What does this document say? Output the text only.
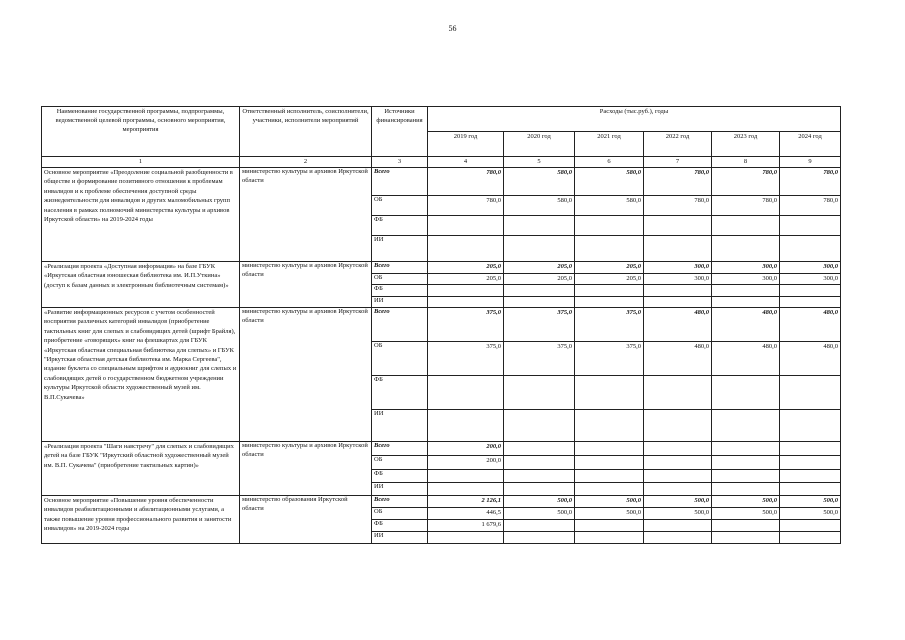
56
Наименование государственной программы, подпрограммы, ведомственной целевой программы, основного мероприятия, мероприятия	Ответственный исполнитель, соисполнители, участники, исполнители мероприятий	Источники финансирования	Расходы (тыс.руб.), годы					
			2019 год	2020 год	2021 год	2022 год	2023 год	2024 год
1	2	3	4	5	6	7	8	9
Основное мероприятие «Преодоление социальной разобщенности в обществе и формирование позитивного отношения к проблемам инвалидов и к проблеме обеспечения доступной среды жизнедеятельности для инвалидов и других маломобильных групп населения в рамках полномочий министерства культуры и архивов Иркутской области» на 2019-2024 годы	министерство культуры и архивов Иркутской области	Всего	780,0	580,0	580,0	780,0	780,0	780,0
		ОБ	780,0	580,0	580,0	780,0	780,0	780,0
		ФБ						
		ИИ						
«Реализация проекта «Доступная информация» на базе ГБУК «Иркутская областная юношеская библиотека им. И.П.Уткина» (доступ к базам данных и электронным библиотечным системам)»	министерство культуры и архивов Иркутской области	Всего	205,0	205,0	205,0	300,0	300,0	300,0
		ОБ	205,0	205,0	205,0	300,0	300,0	300,0
		ФБ						
		ИИ						
«Развитие информационных ресурсов с учетом особенностей восприятия различных категорий инвалидов (приобретение тактильных книг для слепых и слабовидящих детей (шрифт Брайля), приобретение «говорящих» книг на флешкартах для ГБУК «Иркутская областная специальная библиотека для слепых» и ГБУК "Иркутская областная детская библиотека им. Марка Сергеева", издание буклета со специальным шрифтом и аудиокниг для слепых и слабовидящих детей о государственном бюджетном учреждении культуры Иркутской области художественный музей им. В.П.Сукачева»	министерство культуры и архивов Иркутской области	Всего	375,0	375,0	375,0	480,0	480,0	480,0
		ОБ	375,0	375,0	375,0	480,0	480,0	480,0
		ФБ						
		ИИ						
«Реализация проекта "Шаги навстречу" для слепых и слабовидящих детей на базе ГБУК "Иркутский областной художественный музей им. В.П. Сукачева" (приобретение тактильных картин)»	министерство культуры и архивов Иркутской области	Всего	200,0					
		ОБ	200,0					
		ФБ						
		ИИ						
Основное мероприятие «Повышение уровня обеспеченности инвалидов реабилитационными и абилитационными услугами, а также повышение уровня профессионального развития и занятости инвалидов» на 2019-2024 годы	министерство образования Иркутской области	Всего	2 126,1	500,0	500,0	500,0	500,0	500,0
		ОБ	446,5	500,0	500,0	500,0	500,0	500,0
		ФБ	1 679,6					
		ИИ						
